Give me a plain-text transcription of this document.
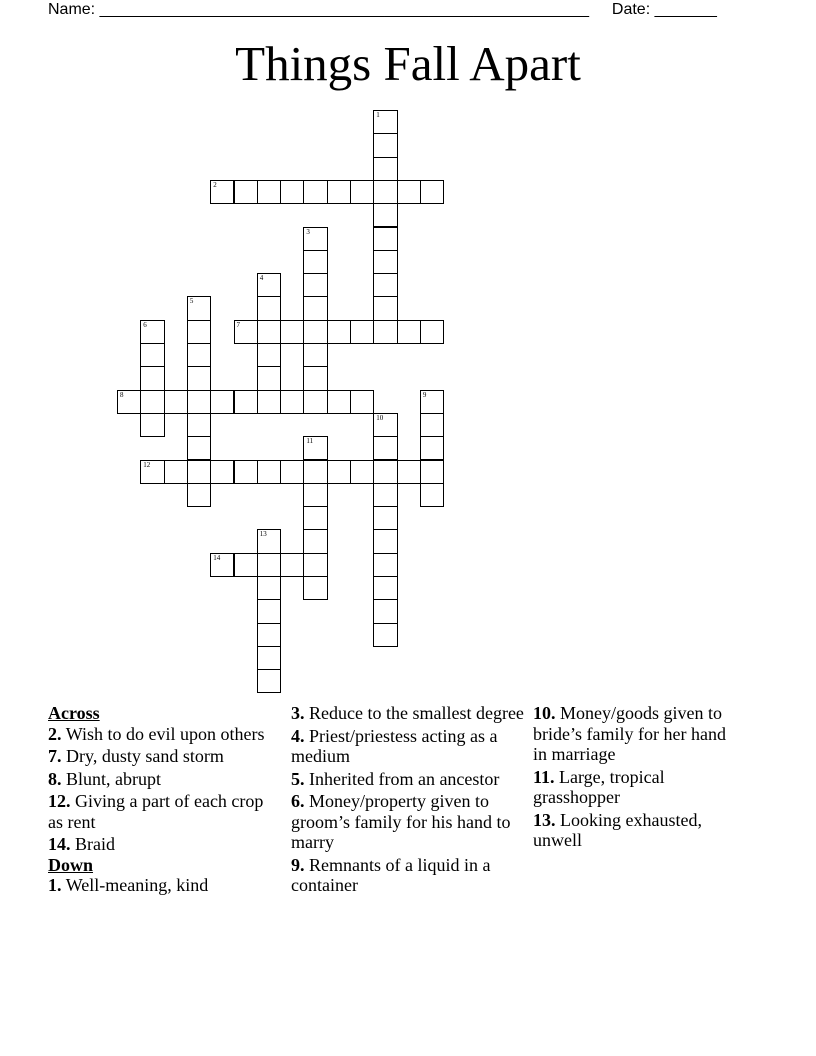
Name: _______________________________________________________ Date: _______
Things Fall Apart
1
2
3
4
5
6	7
8	9
10
11
12
13
14
Across
2. Wish to do evil upon others
7. Dry, dusty sand storm
8. Blunt, abrupt
12. Giving a part of each crop as rent
14. Braid
Down
1. Well-meaning, kind
3. Reduce to the smallest degree
4. Priest/priestess acting as a medium
5. Inherited from an ancestor
6. Money/property given to groom’s family for his hand to marry
9. Remnants of a liquid in a container
10. Money/goods given to bride’s family for her hand in marriage
11. Large, tropical grasshopper
13. Looking exhausted, unwell
